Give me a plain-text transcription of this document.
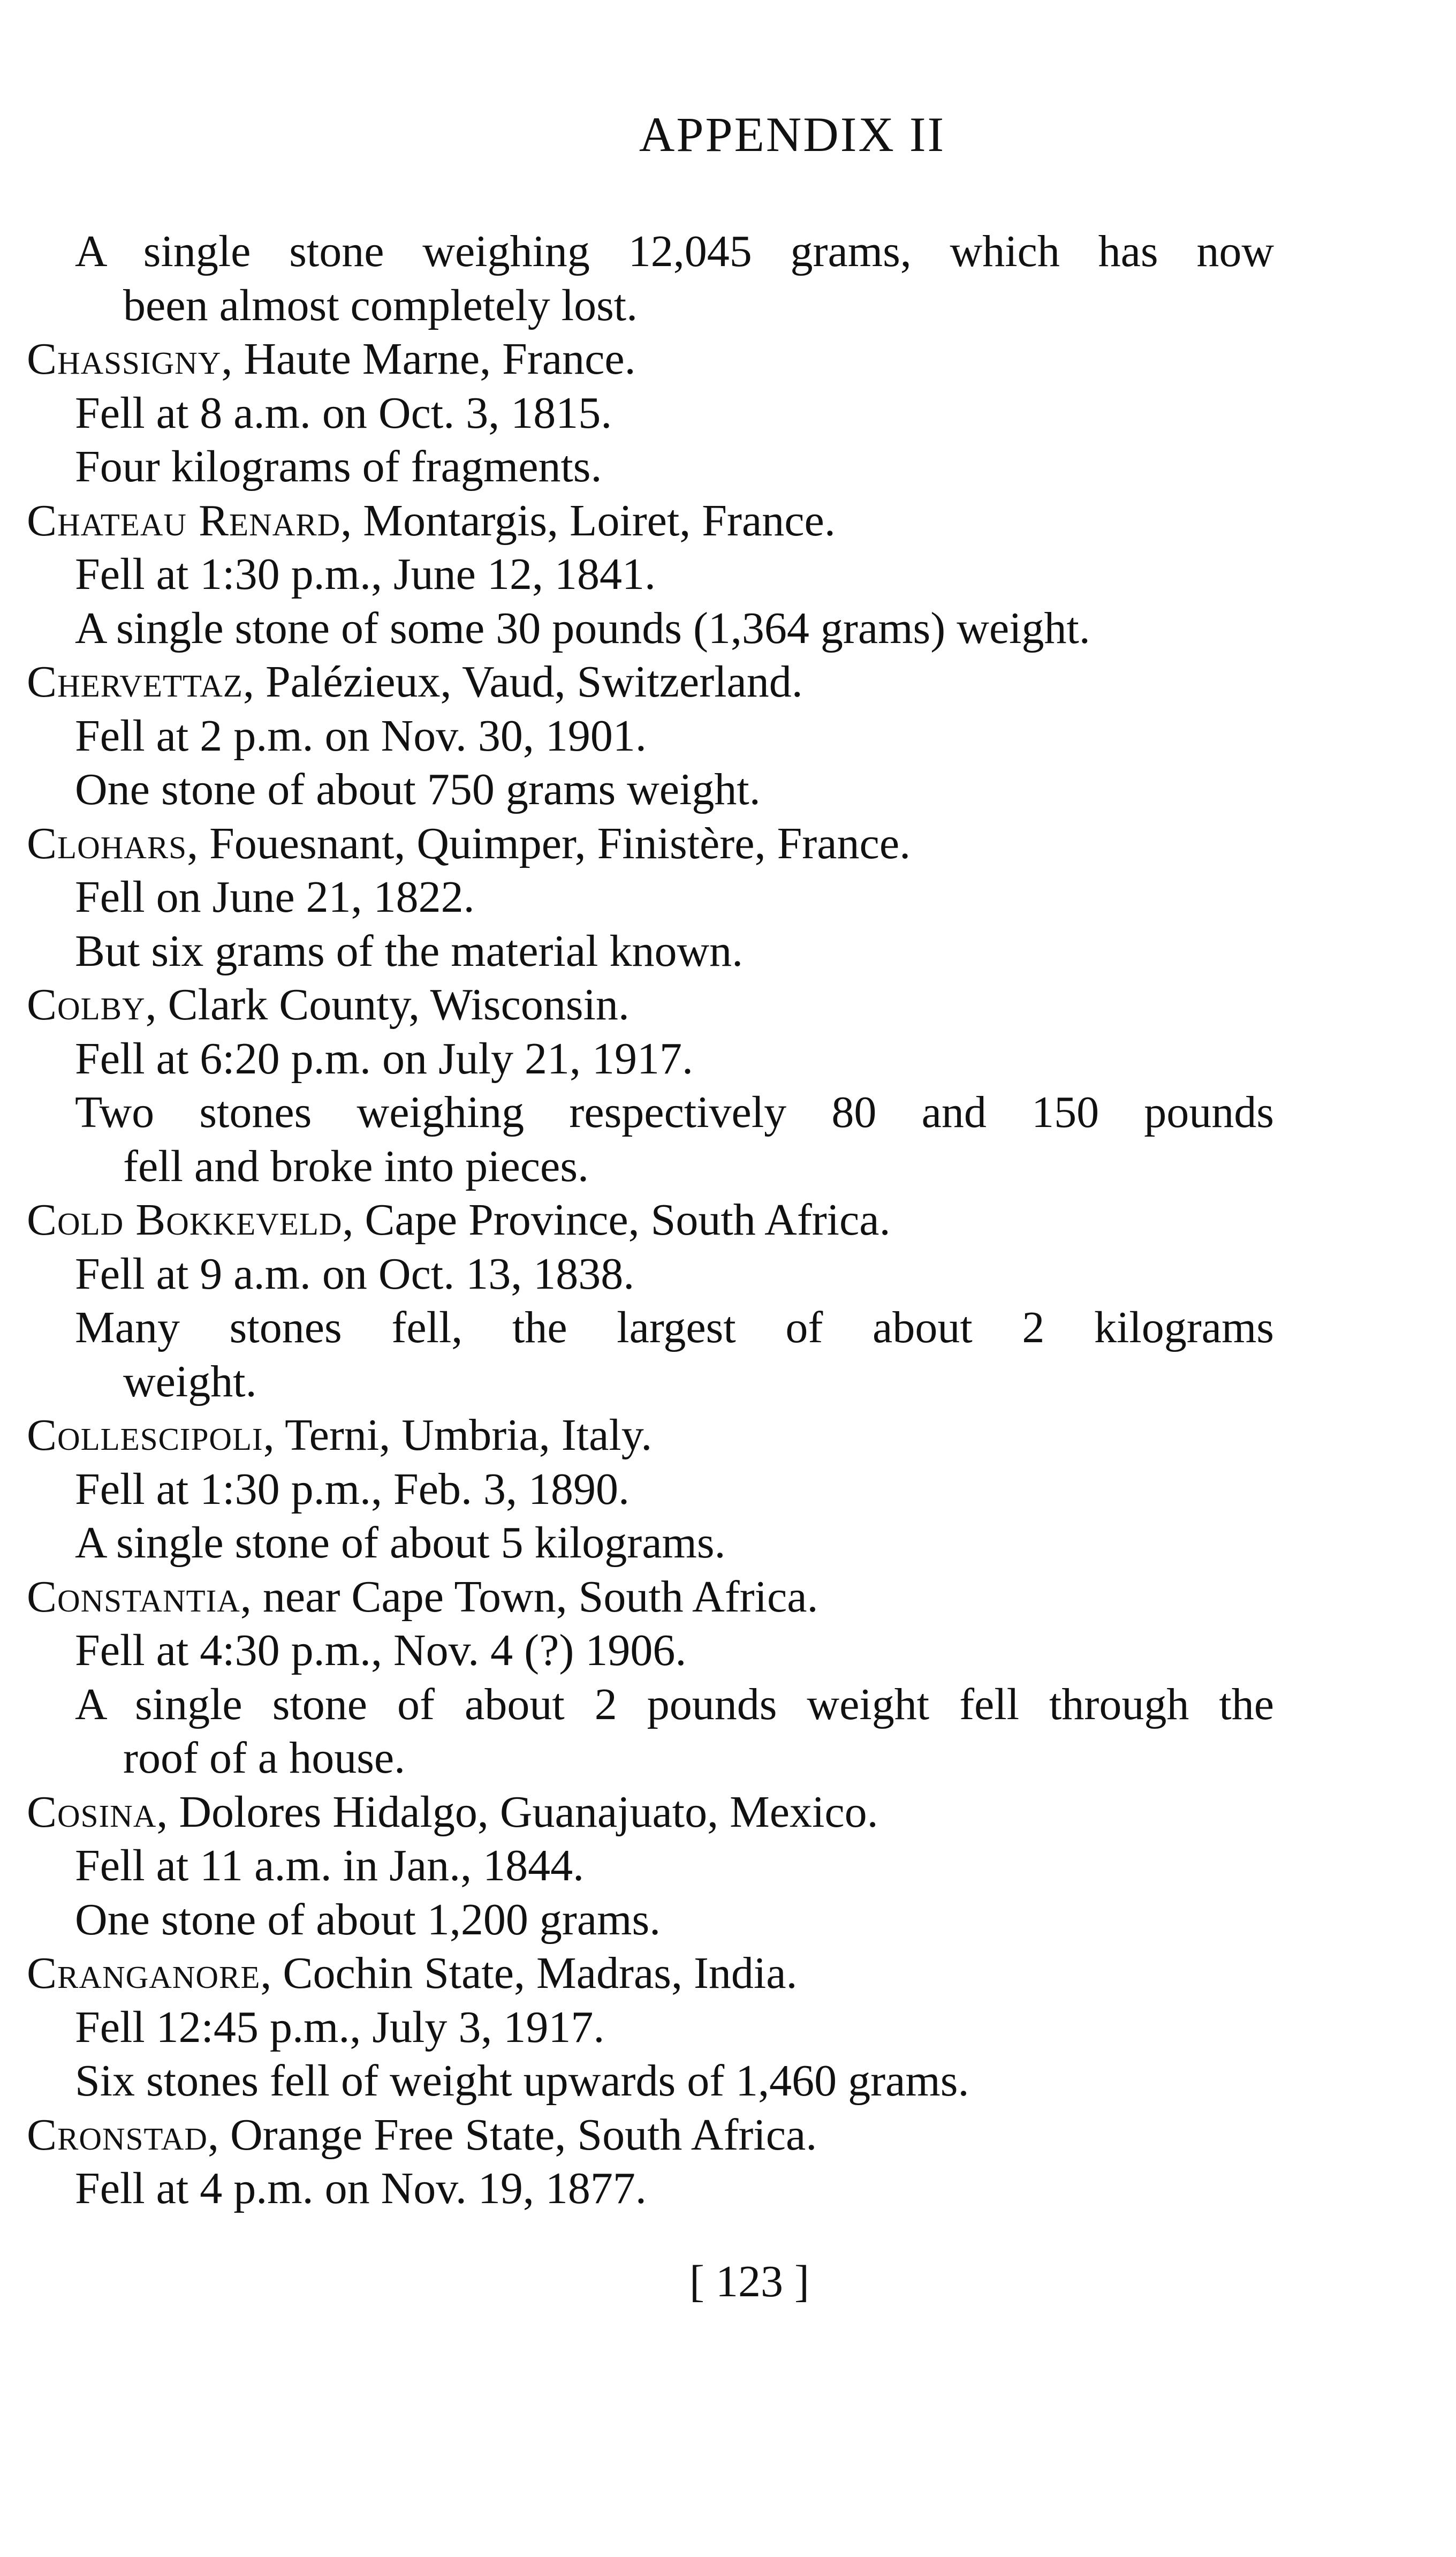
APPENDIX II
A single stone weighing 12,045 grams, which has now
been almost completely lost.
Chassigny, Haute Marne, France.
Fell at 8 a.m. on Oct. 3, 1815.
Four kilograms of fragments.
Chateau Renard, Montargis, Loiret, France.
Fell at 1:30 p.m., June 12, 1841.
A single stone of some 30 pounds (1,364 grams) weight.
Chervettaz, Palézieux, Vaud, Switzerland.
Fell at 2 p.m. on Nov. 30, 1901.
One stone of about 750 grams weight.
Clohars, Fouesnant, Quimper, Finistère, France.
Fell on June 21, 1822.
But six grams of the material known.
Colby, Clark County, Wisconsin.
Fell at 6:20 p.m. on July 21, 1917.
Two stones weighing respectively 80 and 150 pounds
fell and broke into pieces.
Cold Bokkeveld, Cape Province, South Africa.
Fell at 9 a.m. on Oct. 13, 1838.
Many stones fell, the largest of about 2 kilograms
weight.
Collescipoli, Terni, Umbria, Italy.
Fell at 1:30 p.m., Feb. 3, 1890.
A single stone of about 5 kilograms.
Constantia, near Cape Town, South Africa.
Fell at 4:30 p.m., Nov. 4 (?) 1906.
A single stone of about 2 pounds weight fell through the
roof of a house.
Cosina, Dolores Hidalgo, Guanajuato, Mexico.
Fell at 11 a.m. in Jan., 1844.
One stone of about 1,200 grams.
Cranganore, Cochin State, Madras, India.
Fell 12:45 p.m., July 3, 1917.
Six stones fell of weight upwards of 1,460 grams.
Cronstad, Orange Free State, South Africa.
Fell at 4 p.m. on Nov. 19, 1877.
[ 123 ]
